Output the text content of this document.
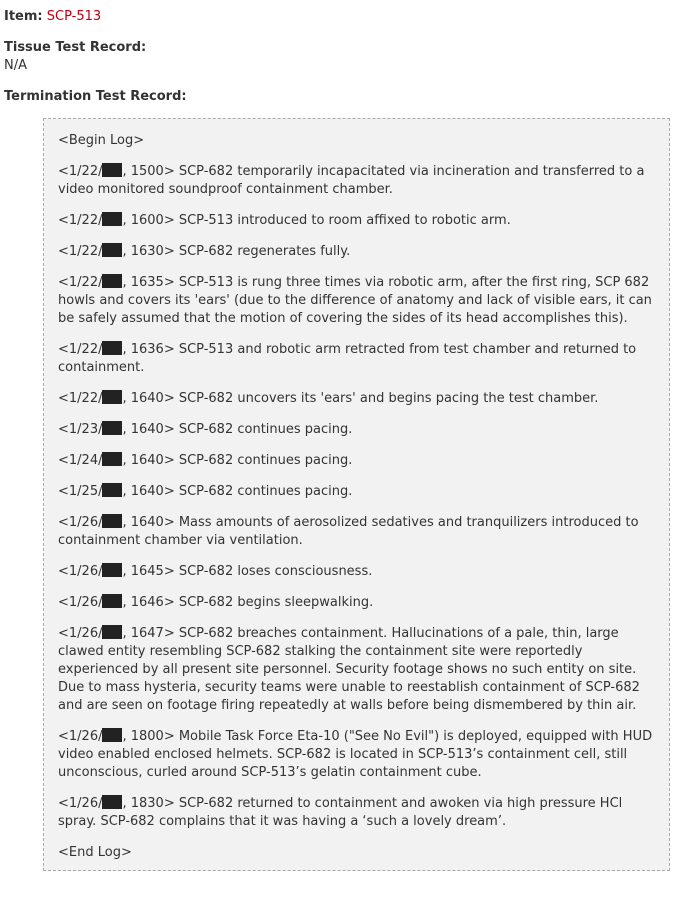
Item: SCP-513
Tissue Test Record:
N/A
Termination Test Record:

<Begin Log>

<1/22/ , 1500> SCP-682 temporarily incapacitated via incineration and transferred to a video monitored soundproof containment chamber.

<1/22/ , 1600> SCP-513 introduced to room affixed to robotic arm.

<1/22/ , 1630> SCP-682 regenerates fully.

<1/22/ , 1635> SCP-513 is rung three times via robotic arm, after the first ring, SCP 682 howls and covers its 'ears' (due to the difference of anatomy and lack of visible ears, it can be safely assumed that the motion of covering the sides of its head accomplishes this).

<1/22/ , 1636> SCP-513 and robotic arm retracted from test chamber and returned to containment.

<1/22/ , 1640> SCP-682 uncovers its 'ears' and begins pacing the test chamber.

<1/23/ , 1640> SCP-682 continues pacing.

<1/24/ , 1640> SCP-682 continues pacing.

<1/25/ , 1640> SCP-682 continues pacing.

<1/26/ , 1640> Mass amounts of aerosolized sedatives and tranquilizers introduced to containment chamber via ventilation.

<1/26/ , 1645> SCP-682 loses consciousness.

<1/26/ , 1646> SCP-682 begins sleepwalking.

<1/26/ , 1647> SCP-682 breaches containment. Hallucinations of a pale, thin, large clawed entity resembling SCP-682 stalking the containment site were reportedly experienced by all present site personnel. Security footage shows no such entity on site. Due to mass hysteria, security teams were unable to reestablish containment of SCP-682 and are seen on footage firing repeatedly at walls before being dismembered by thin air.

<1/26/ , 1800> Mobile Task Force Eta-10 ("See No Evil") is deployed, equipped with HUD video enabled enclosed helmets. SCP-682 is located in SCP-513’s containment cell, still unconscious, curled around SCP-513’s gelatin containment cube.

<1/26/ , 1830> SCP-682 returned to containment and awoken via high pressure HCl spray. SCP-682 complains that it was having a ‘such a lovely dream’.

<End Log>
